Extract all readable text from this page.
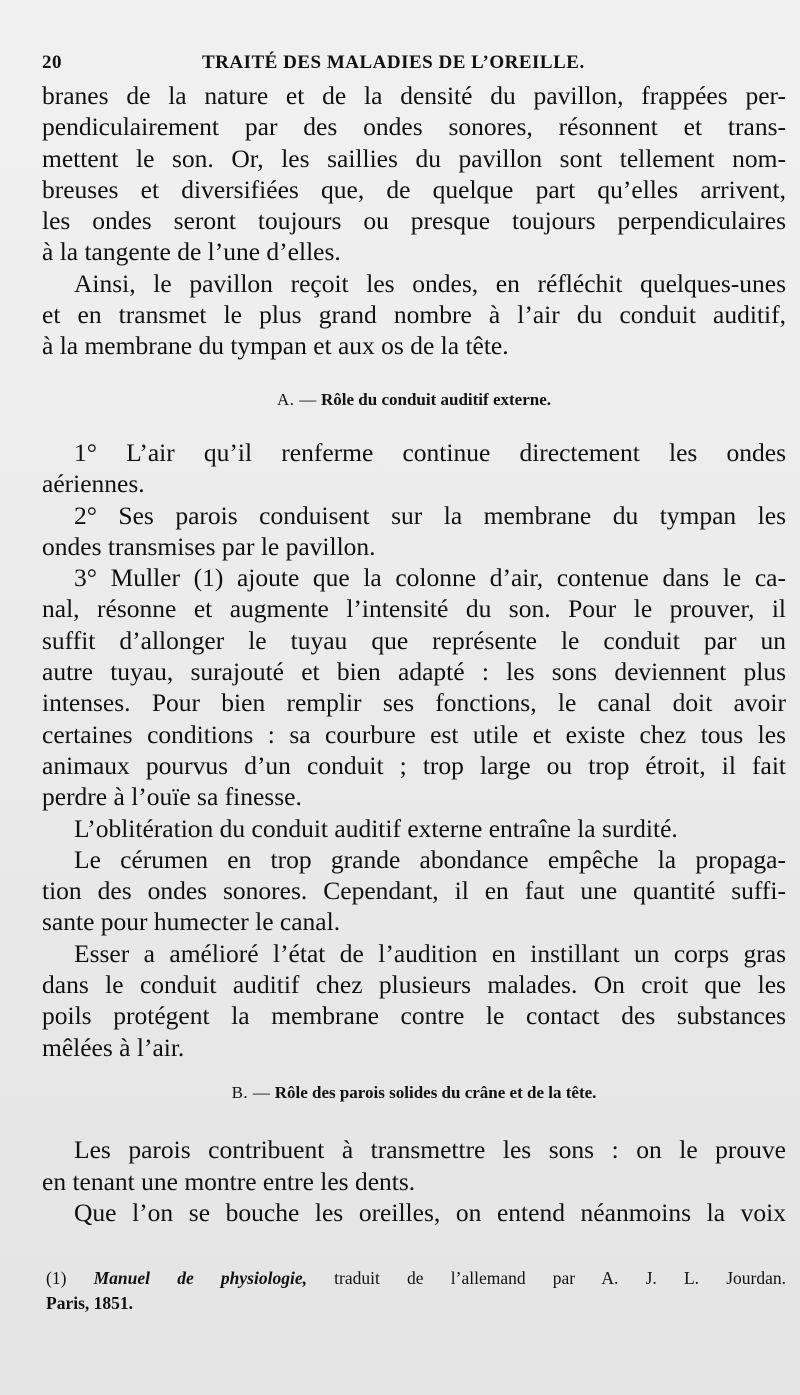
20	TRAITÉ DES MALADIES DE L’OREILLE.

branes de la nature et de la densité du pavillon, frappées per-
pendiculairement par des ondes sonores, résonnent et trans-
mettent le son. Or, les saillies du pavillon sont tellement nom-
breuses et diversifiées que, de quelque part qu’elles arrivent,
les ondes seront toujours ou presque toujours perpendiculaires
à la tangente de l’une d’elles.

Ainsi, le pavillon reçoit les ondes, en réfléchit quelques-unes

et en transmet le plus grand nombre à l’air du conduit auditif,
à la membrane du tympan et aux os de la tête.

A. — Rôle du conduit auditif externe.

1° L’air qu’il renferme continue directement les ondes

aériennes.

2° Ses parois conduisent sur la membrane du tympan les

ondes transmises par le pavillon.

3° Muller (1) ajoute que la colonne d’air, contenue dans le ca-

nal, résonne et augmente l’intensité du son. Pour le prouver, il
suffit d’allonger le tuyau que représente le conduit par un
autre tuyau, surajouté et bien adapté : les sons deviennent plus
intenses. Pour bien remplir ses fonctions, le canal doit avoir
certaines conditions : sa courbure est utile et existe chez tous les
animaux pourvus d’un conduit ; trop large ou trop étroit, il fait
perdre à l’ouïe sa finesse.

L’oblitération du conduit auditif externe entraîne la surdité.

Le cérumen en trop grande abondance empêche la propaga-

tion des ondes sonores. Cependant, il en faut une quantité suffi-
sante pour humecter le canal.

Esser a amélioré l’état de l’audition en instillant un corps gras

dans le conduit auditif chez plusieurs malades. On croit que les
poils protégent la membrane contre le contact des substances
mêlées à l’air.

B. — Rôle des parois solides du crâne et de la tête.

Les parois contribuent à transmettre les sons : on le prouve

en tenant une montre entre les dents.

Que l’on se bouche les oreilles, on entend néanmoins la voix

(1) Manuel de physiologie, traduit de l’allemand par A. J. L. Jourdan.
Paris, 1851.
